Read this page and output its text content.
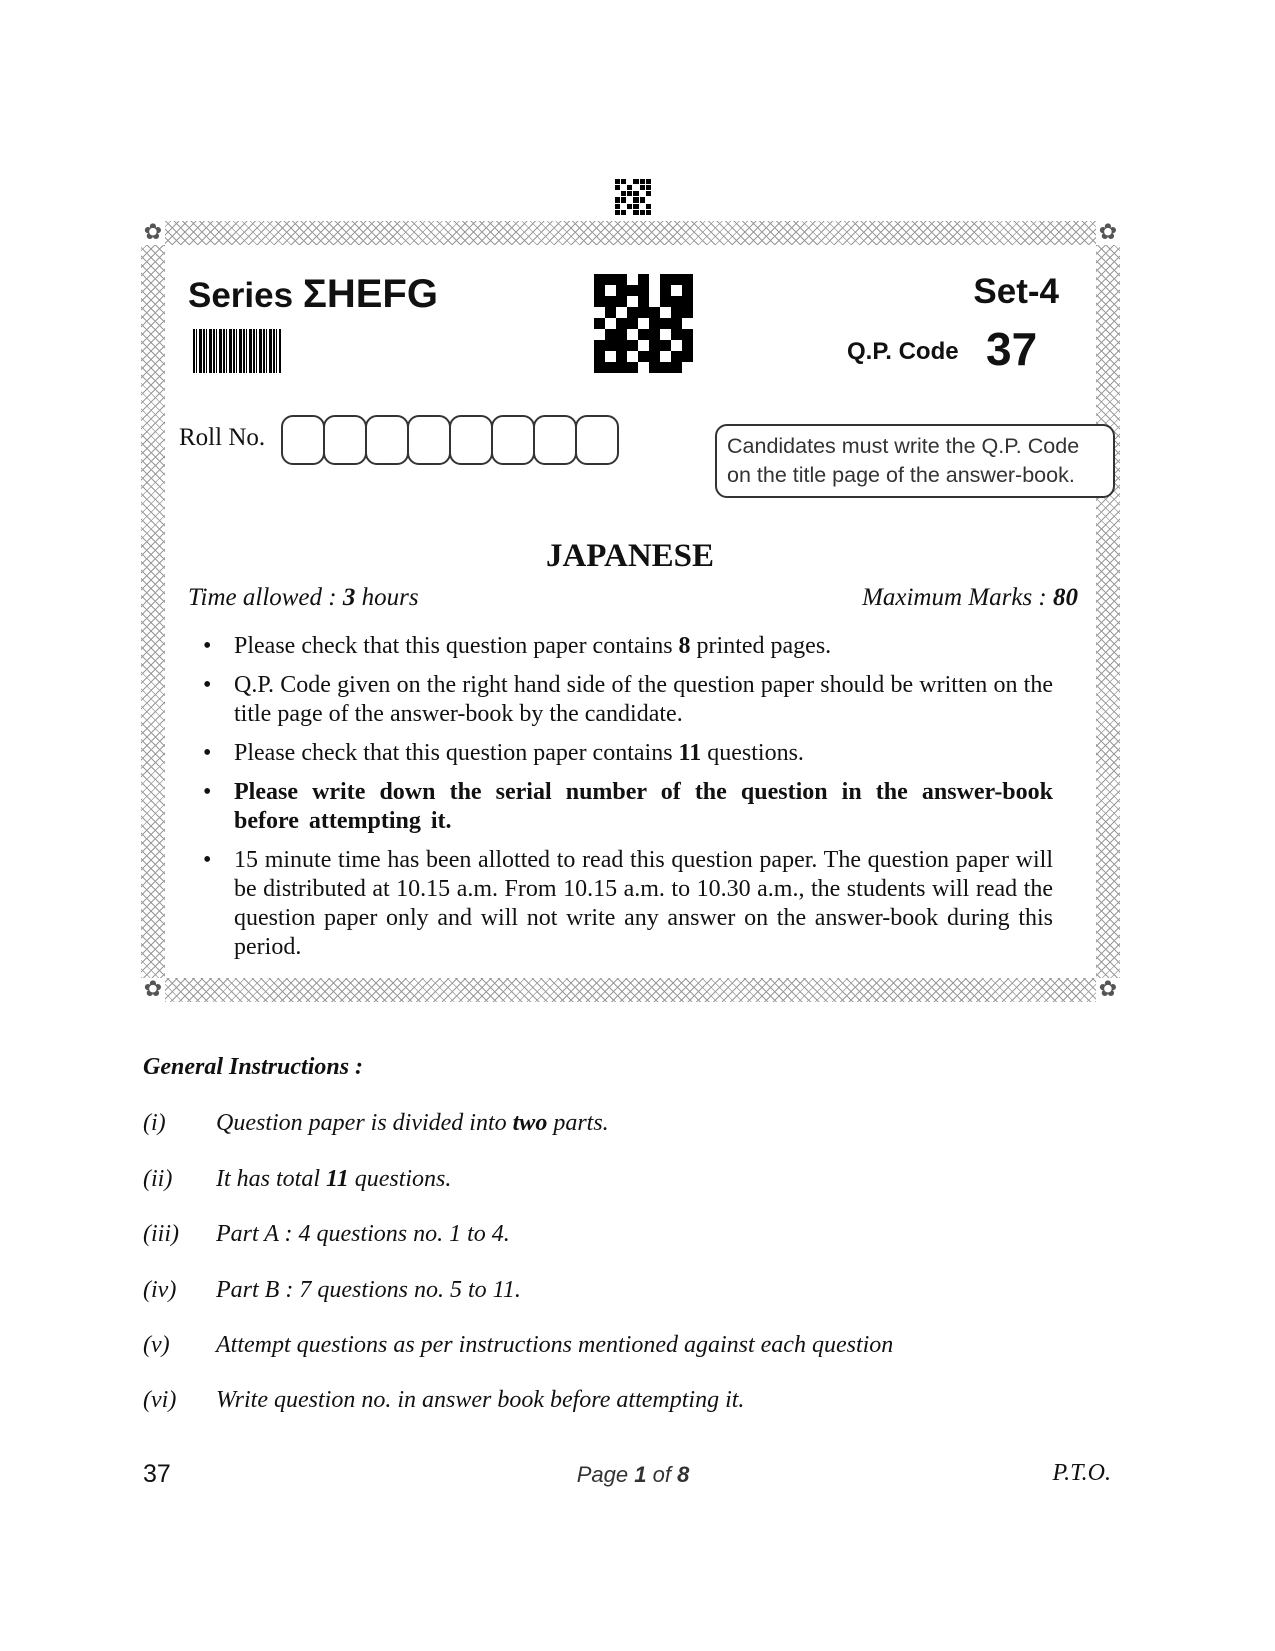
✿	✿
✿	✿
Series ΣHEFG	Set-4
Q.P. Code 37
Roll No.	Candidates must write the Q.P. Code on the title page of the answer-book.
JAPANESE
Time allowed : 3 hours	Maximum Marks : 80
• Please check that this question paper contains 8 printed pages.
• Q.P. Code given on the right hand side of the question paper should be written on the title page of the answer-book by the candidate.
• Please check that this question paper contains 11 questions.
• Please write down the serial number of the question in the answer-book before attempting it.
• 15 minute time has been allotted to read this question paper. The question paper will be distributed at 10.15 a.m. From 10.15 a.m. to 10.30 a.m., the students will read the question paper only and will not write any answer on the answer-book during this period.
General Instructions :
(i)	Question paper is divided into two parts.
(ii)	It has total 11 questions.
(iii)	Part A : 4 questions no. 1 to 4.
(iv)	Part B : 7 questions no. 5 to 11.
(v)	Attempt questions as per instructions mentioned against each question
(vi)	Write question no. in answer book before attempting it.
37	Page 1 of 8	P.T.O.
